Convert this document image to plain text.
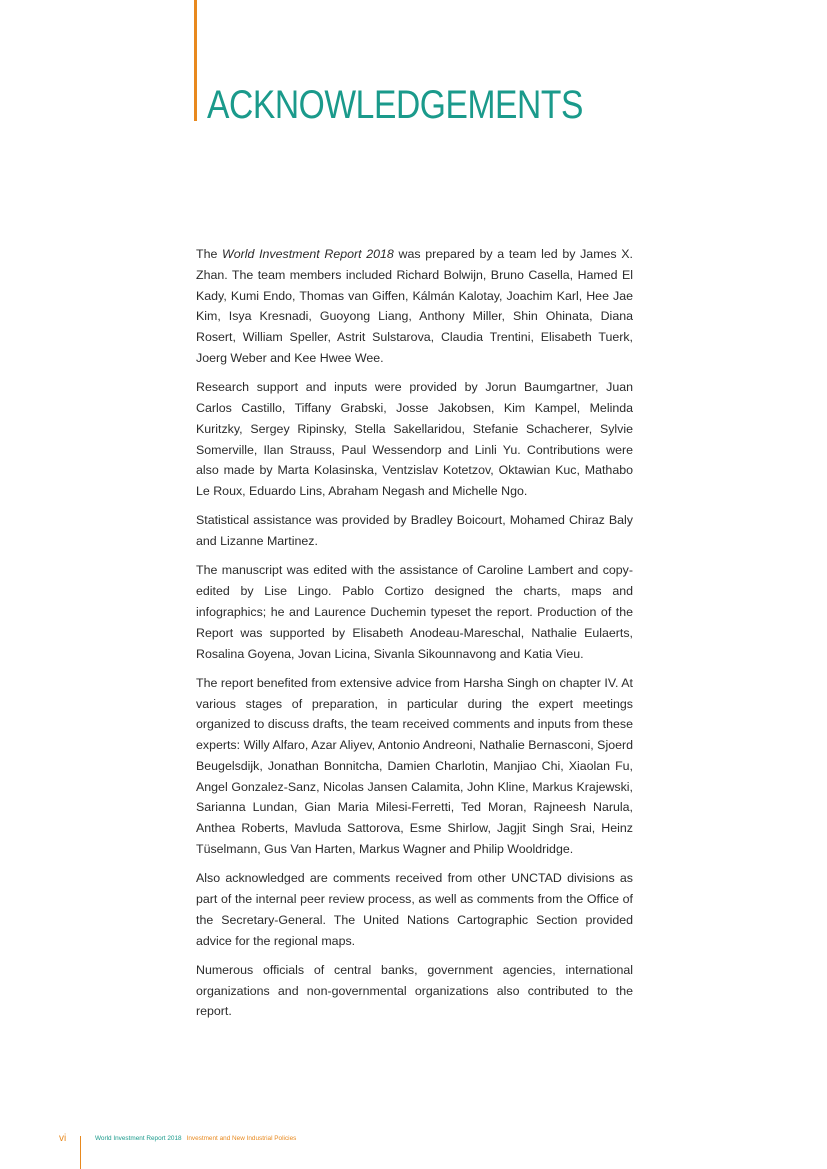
ACKNOWLEDGEMENTS

The World Investment Report 2018 was prepared by a team led by James X. Zhan. The team members included Richard Bolwijn, Bruno Casella, Hamed El Kady, Kumi Endo, Thomas van Giffen, Kálmán Kalotay, Joachim Karl, Hee Jae Kim, Isya Kresnadi, Guoyong Liang, Anthony Miller, Shin Ohinata, Diana Rosert, William Speller, Astrit Sulstarova, Claudia Trentini, Elisabeth Tuerk, Joerg Weber and Kee Hwee Wee.

Research support and inputs were provided by Jorun Baumgartner, Juan Carlos Castillo, Tiffany Grabski, Josse Jakobsen, Kim Kampel, Melinda Kuritzky, Sergey Ripinsky, Stella Sakellaridou, Stefanie Schacherer, Sylvie Somerville, Ilan Strauss, Paul Wessendorp and Linli Yu. Contributions were also made by Marta Kolasinska, Ventzislav Kotetzov, Oktawian Kuc, Mathabo Le Roux, Eduardo Lins, Abraham Negash and Michelle Ngo.

Statistical assistance was provided by Bradley Boicourt, Mohamed Chiraz Baly and Lizanne Martinez.

The manuscript was edited with the assistance of Caroline Lambert and copy-edited by Lise Lingo. Pablo Cortizo designed the charts, maps and infographics; he and Laurence Duchemin typeset the report. Production of the Report was supported by Elisabeth Anodeau-Mareschal, Nathalie Eulaerts, Rosalina Goyena, Jovan Licina, Sivanla Sikounnavong and Katia Vieu.

The report benefited from extensive advice from Harsha Singh on chapter IV. At various stages of preparation, in particular during the expert meetings organized to discuss drafts, the team received comments and inputs from these experts: Willy Alfaro, Azar Aliyev, Antonio Andreoni, Nathalie Bernasconi, Sjoerd Beugelsdijk, Jonathan Bonnitcha, Damien Charlotin, Manjiao Chi, Xiaolan Fu, Angel Gonzalez-Sanz, Nicolas Jansen Calamita, John Kline, Markus Krajewski, Sarianna Lundan, Gian Maria Milesi-Ferretti, Ted Moran, Rajneesh Narula, Anthea Roberts, Mavluda Sattorova, Esme Shirlow, Jagjit Singh Srai, Heinz Tüselmann, Gus Van Harten, Markus Wagner and Philip Wooldridge.

Also acknowledged are comments received from other UNCTAD divisions as part of the internal peer review process, as well as comments from the Office of the Secretary-General. The United Nations Cartographic Section provided advice for the regional maps.

Numerous officials of central banks, government agencies, international organizations and non-governmental organizations also contributed to the report.

vi	World Investment Report 2018 Investment and New Industrial Policies
